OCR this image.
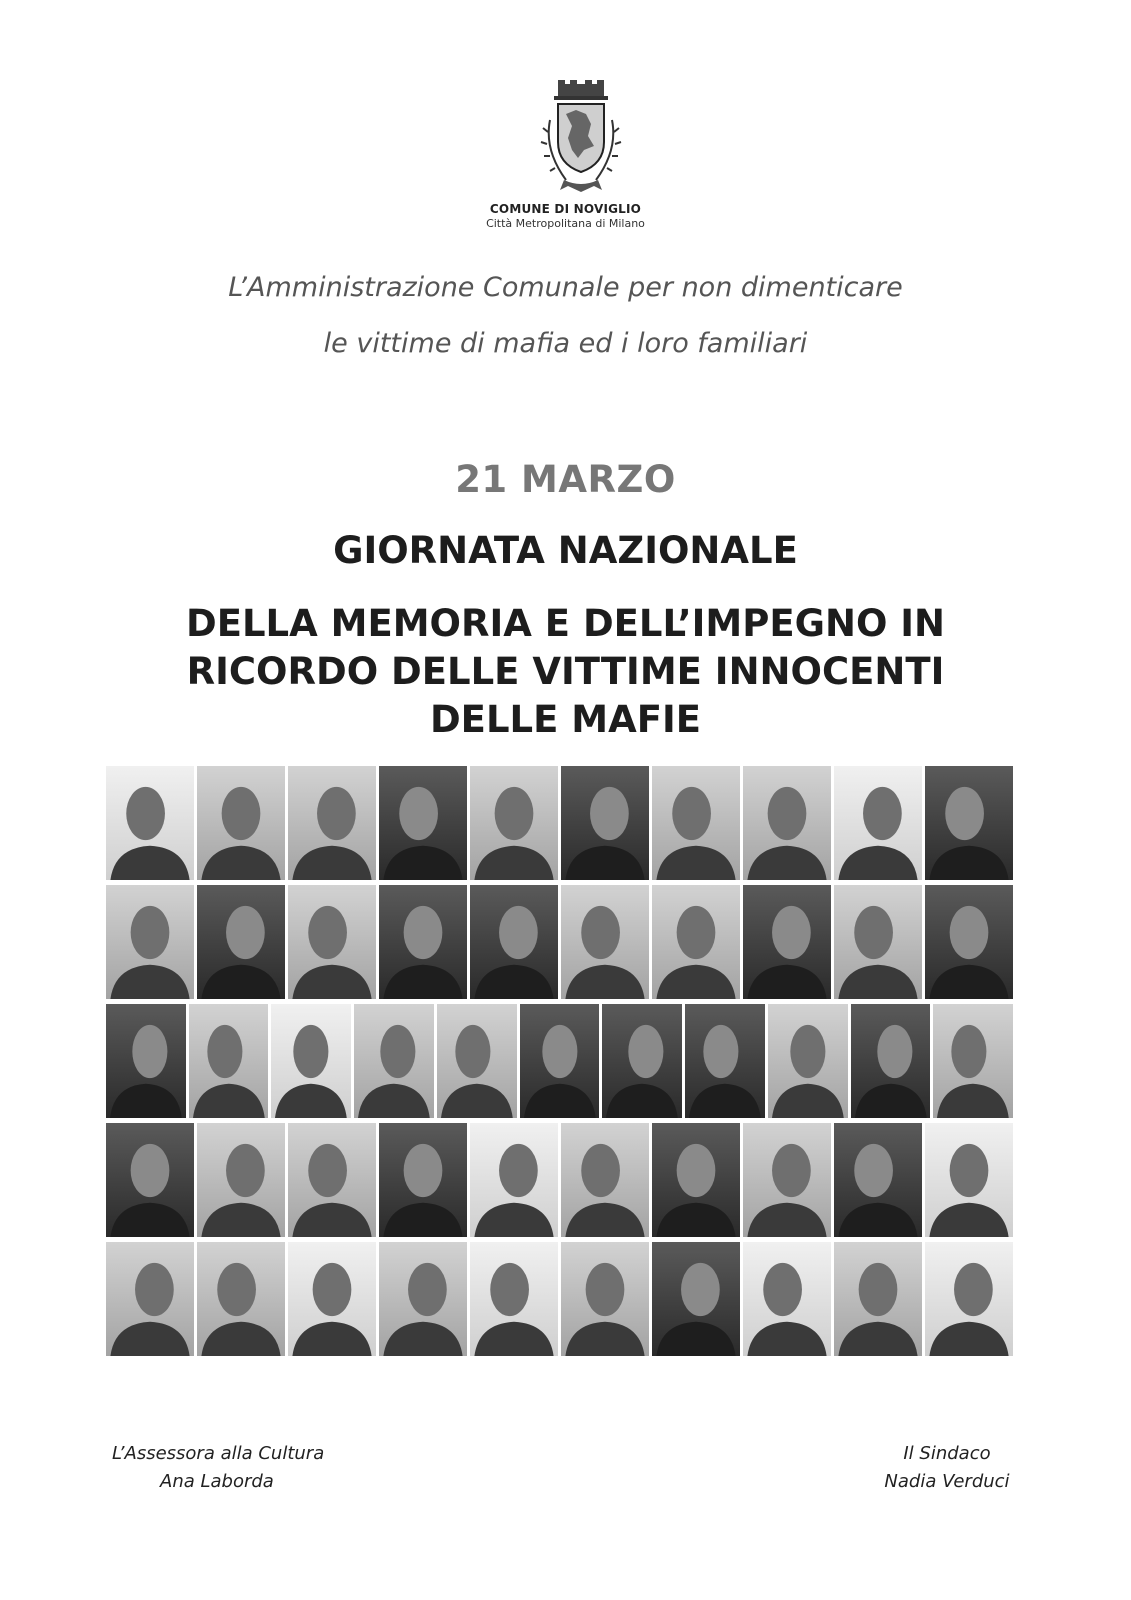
COMUNE DI NOVIGLIO
Città Metropolitana di Milano
L’Amministrazione Comunale per non dimenticare
le vittime di mafia ed i loro familiari
21 MARZO
GIORNATA NAZIONALE
DELLA MEMORIA E DELL’IMPEGNO IN
RICORDO DELLE VITTIME INNOCENTI
DELLE MAFIE
L’Assessora alla Cultura
Ana Laborda
Il Sindaco
Nadia Verduci
